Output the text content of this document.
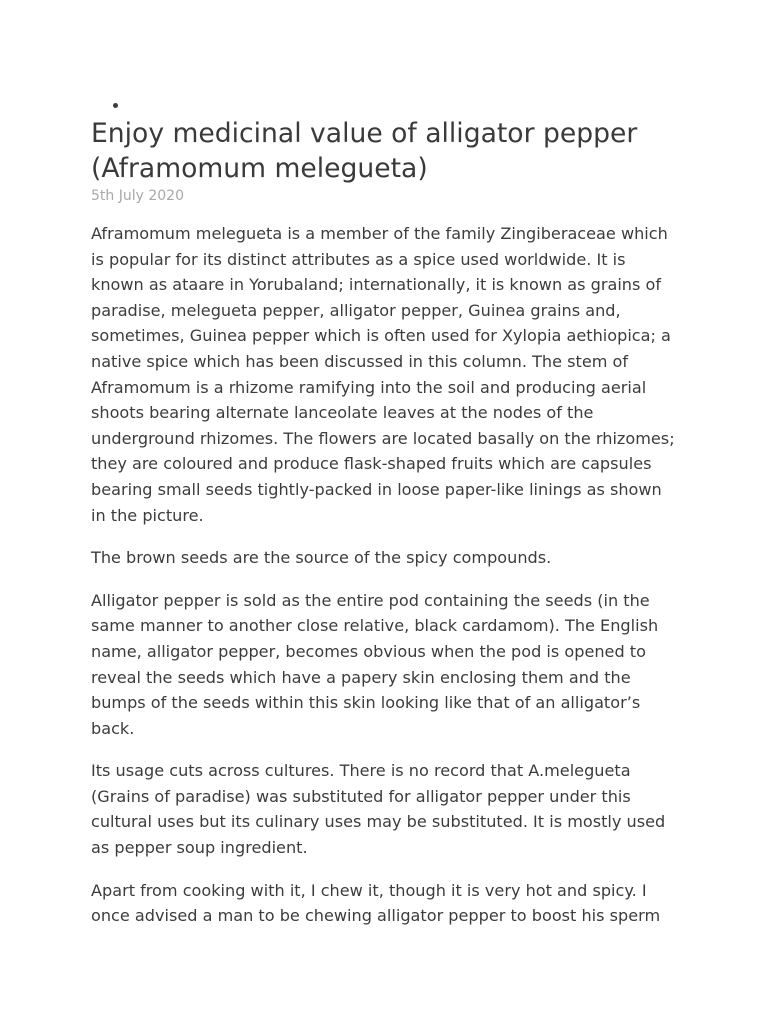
Enjoy medicinal value of alligator pepper (Aframomum melegueta)
5th July 2020

Aframomum melegueta is a member of the family Zingiberaceae which is popular for its distinct attributes as a spice used worldwide. It is known as ataare in Yorubaland; internationally, it is known as grains of paradise, melegueta pepper, alligator pepper, Guinea grains and, sometimes, Guinea pepper which is often used for Xylopia aethiopica; a native spice which has been discussed in this column. The stem of Aframomum is a rhizome ramifying into the soil and producing aerial shoots bearing alternate lanceolate leaves at the nodes of the underground rhizomes. The flowers are located basally on the rhizomes; they are coloured and produce flask-shaped fruits which are capsules bearing small seeds tightly-packed in loose paper-like linings as shown in the picture.

The brown seeds are the source of the spicy compounds.

Alligator pepper is sold as the entire pod containing the seeds (in the same manner to another close relative, black cardamom). The English name, alligator pepper, becomes obvious when the pod is opened to reveal the seeds which have a papery skin enclosing them and the bumps of the seeds within this skin looking like that of an alligator’s back.

Its usage cuts across cultures. There is no record that A.melegueta (Grains of paradise) was substituted for alligator pepper under this cultural uses but its culinary uses may be substituted. It is mostly used as pepper soup ingredient.

Apart from cooking with it, I chew it, though it is very hot and spicy. I once advised a man to be chewing alligator pepper to boost his sperm
